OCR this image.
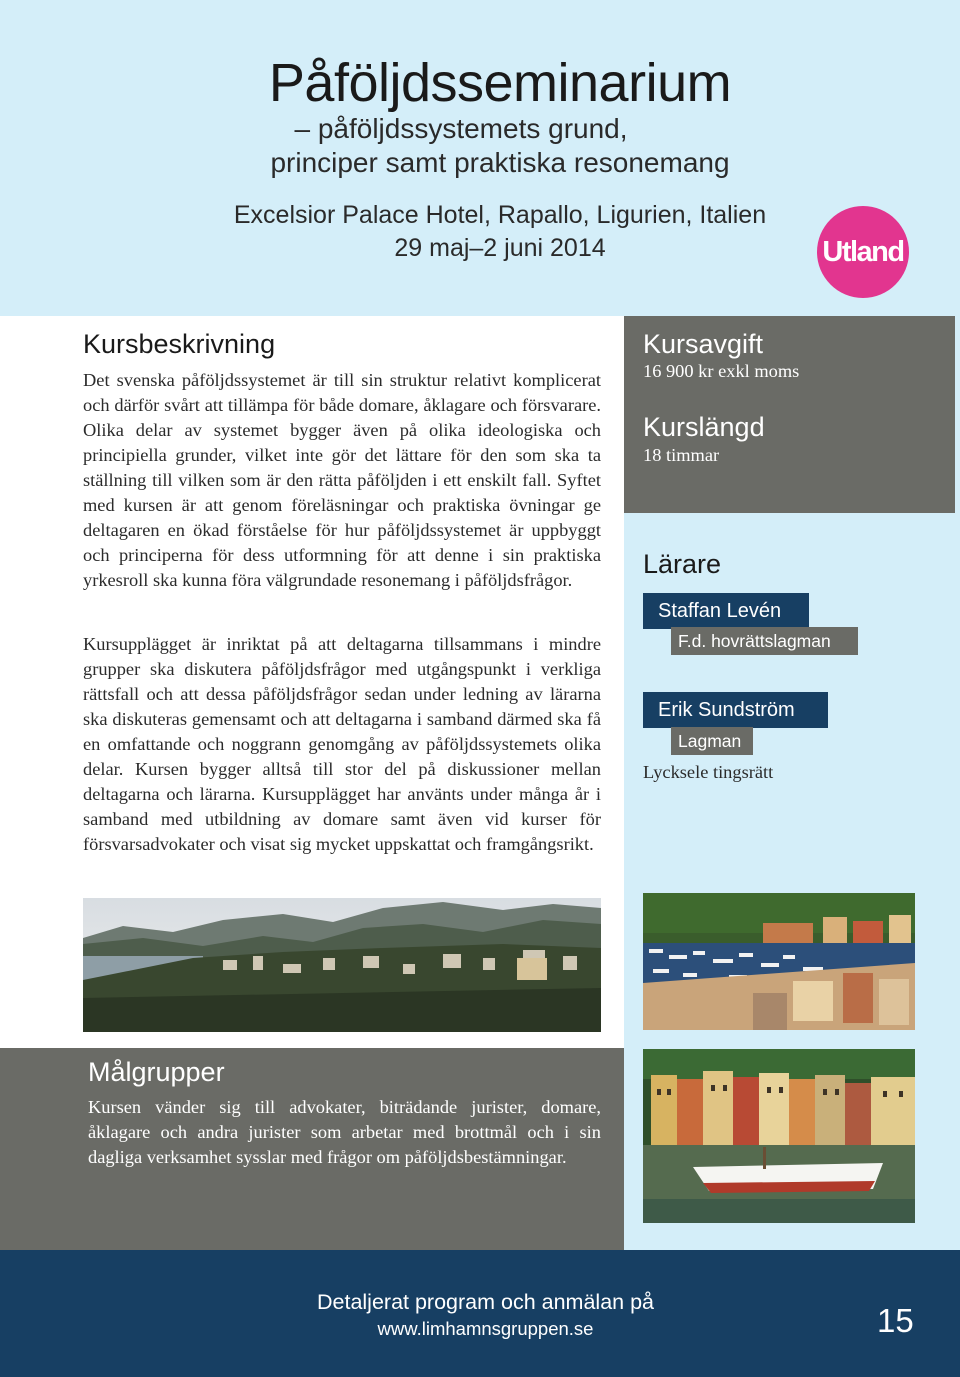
Påföljdsseminarium
– påföljdssystemets grund,
principer samt praktiska resonemang
Excelsior Palace Hotel, Rapallo, Ligurien, Italien
29 maj–2 juni 2014	Utland
Kursbeskrivning
Det svenska påföljdssystemet är till sin struktur relativt komplicerat och därför svårt att tillämpa för både domare, åklagare och försvarare. Olika delar av systemet bygger även på olika ideologiska och principiella grunder, vilket inte gör det lättare för den som ska ta ställning till vilken som är den rätta påföljden i ett enskilt fall. Syftet med kursen är att genom föreläsningar och praktiska övningar ge deltagaren en ökad förståelse för hur påföljdssystemet är uppbyggt och principerna för dess utformning för att denne i sin praktiska yrkesroll ska kunna föra välgrundade resonemang i påföljdsfrågor.
Kursupplägget är inriktat på att deltagarna tillsammans i mindre grupper ska diskutera påföljdsfrågor med utgångspunkt i verkliga rättsfall och att dessa påföljdsfrågor sedan under ledning av lärarna ska diskuteras gemensamt och att deltagarna i samband därmed ska få en omfattande och noggrann genomgång av påföljdssystemets olika delar. Kursen bygger alltså till stor del på diskussioner mellan deltagarna och lärarna. Kursupplägget har använts under många år i samband med utbildning av domare samt även vid kurser för försvarsadvokater och visat sig mycket uppskattat och framgångsrikt.
Kursavgift
16 900 kr exkl moms
Kurslängd
18 timmar
Lärare
Staffan Levén
F.d. hovrättslagman
Erik Sundström
Lagman
Lycksele tingsrätt
Målgrupper
Kursen vänder sig till advokater, biträdande jurister, domare, åklagare och andra jurister som arbetar med brottmål och i sin dagliga verksamhet sysslar med frågor om påföljdsbestämningar.
Detaljerat program och anmälan på
www.limhamnsgruppen.se	15
